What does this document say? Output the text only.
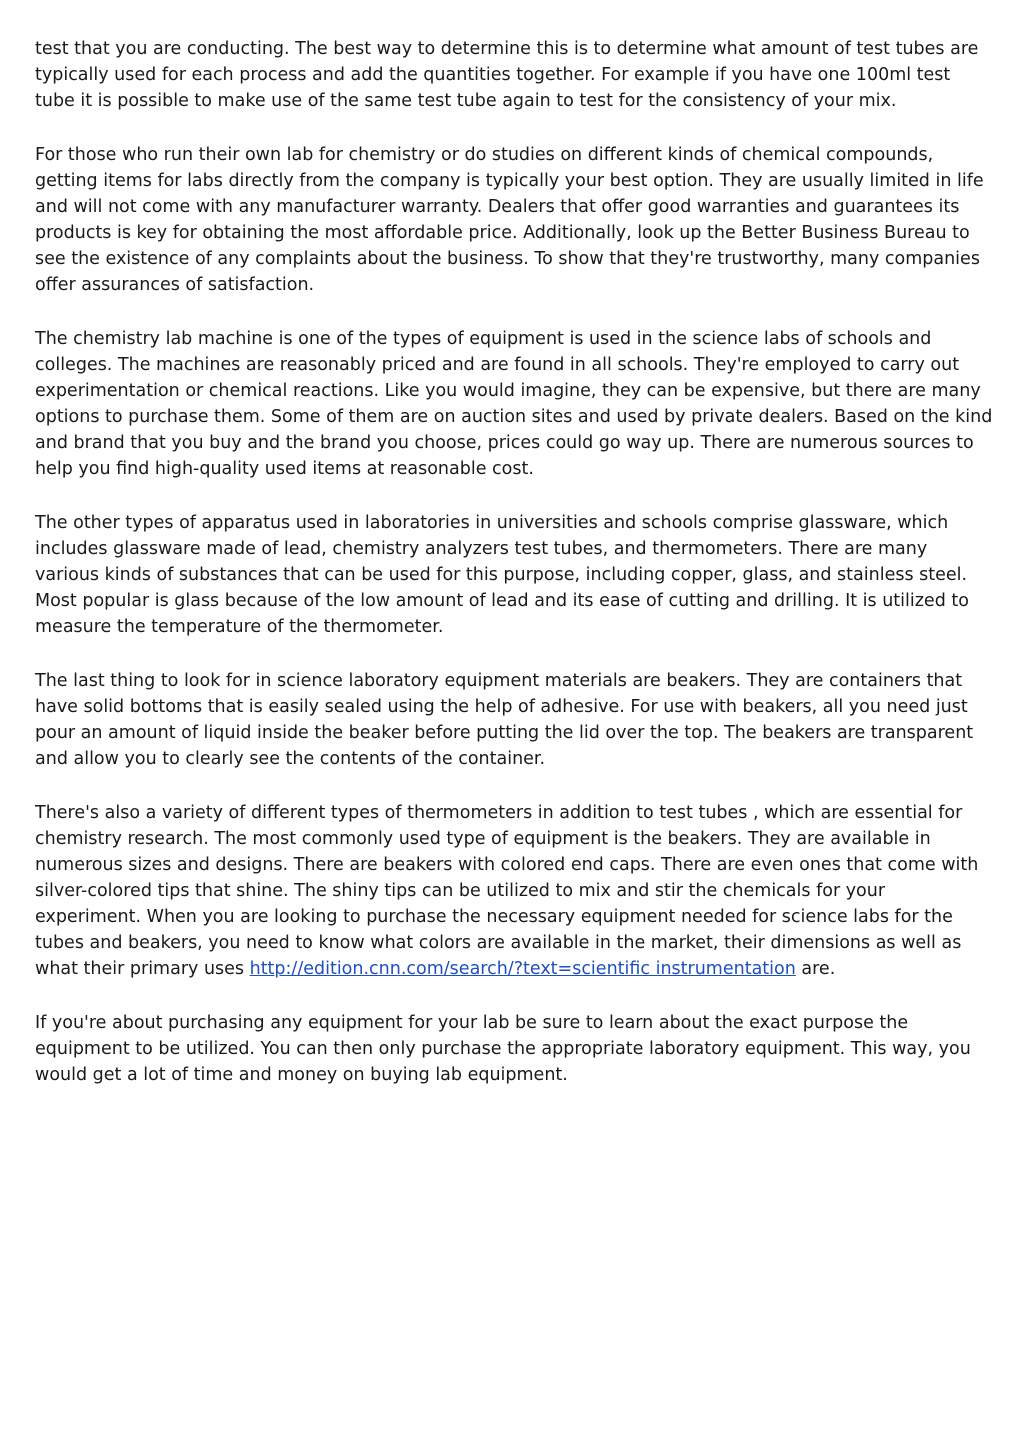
test that you are conducting. The best way to determine this is to determine what amount of test tubes are typically used for each process and add the quantities together. For example if you have one 100ml test tube it is possible to make use of the same test tube again to test for the consistency of your mix.

For those who run their own lab for chemistry or do studies on different kinds of chemical compounds, getting items for labs directly from the company is typically your best option. They are usually limited in life and will not come with any manufacturer warranty. Dealers that offer good warranties and guarantees its products is key for obtaining the most affordable price. Additionally, look up the Better Business Bureau to see the existence of any complaints about the business. To show that they're trustworthy, many companies offer assurances of satisfaction.

The chemistry lab machine is one of the types of equipment is used in the science labs of schools and colleges. The machines are reasonably priced and are found in all schools. They're employed to carry out experimentation or chemical reactions. Like you would imagine, they can be expensive, but there are many options to purchase them. Some of them are on auction sites and used by private dealers. Based on the kind and brand that you buy and the brand you choose, prices could go way up. There are numerous sources to help you find high-quality used items at reasonable cost.

The other types of apparatus used in laboratories in universities and schools comprise glassware, which includes glassware made of lead, chemistry analyzers test tubes, and thermometers. There are many various kinds of substances that can be used for this purpose, including copper, glass, and stainless steel. Most popular is glass because of the low amount of lead and its ease of cutting and drilling. It is utilized to measure the temperature of the thermometer.

The last thing to look for in science laboratory equipment materials are beakers. They are containers that have solid bottoms that is easily sealed using the help of adhesive. For use with beakers, all you need just pour an amount of liquid inside the beaker before putting the lid over the top. The beakers are transparent and allow you to clearly see the contents of the container.

There's also a variety of different types of thermometers in addition to test tubes , which are essential for chemistry research. The most commonly used type of equipment is the beakers. They are available in numerous sizes and designs. There are beakers with colored end caps. There are even ones that come with silver-colored tips that shine. The shiny tips can be utilized to mix and stir the chemicals for your experiment. When you are looking to purchase the necessary equipment needed for science labs for the tubes and beakers, you need to know what colors are available in the market, their dimensions as well as what their primary uses http://edition.cnn.com/search/?text=scientific instrumentation are.

If you're about purchasing any equipment for your lab be sure to learn about the exact purpose the equipment to be utilized. You can then only purchase the appropriate laboratory equipment. This way, you would get a lot of time and money on buying lab equipment.
